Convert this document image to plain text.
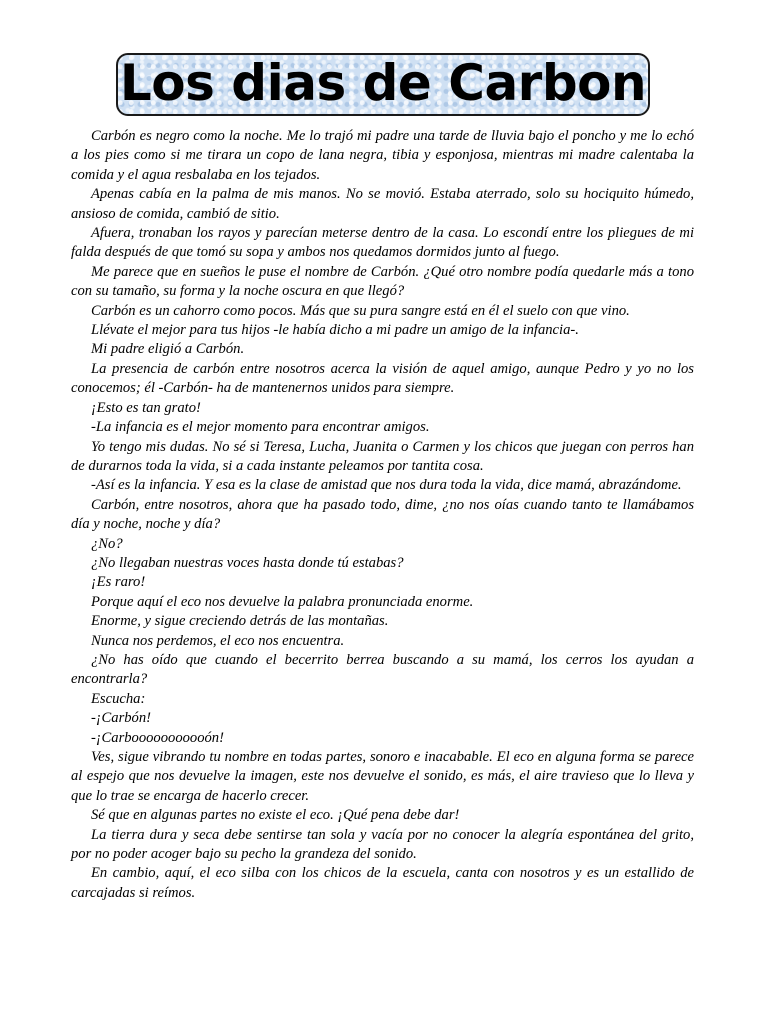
Los dias de Carbon

Carbón es negro como la noche. Me lo trajó mi padre una tarde de lluvia bajo el poncho y me lo echó a los pies como si me tirara un copo de lana negra, tibia y esponjosa, mientras mi madre calentaba la comida y el agua resbalaba en los tejados.

Apenas cabía en la palma de mis manos. No se movió. Estaba aterrado, solo su hociquito húmedo, ansioso de comida, cambió de sitio.

Afuera, tronaban los rayos y parecían meterse dentro de la casa. Lo escondí entre los pliegues de mi falda después de que tomó su sopa y ambos nos quedamos dormidos junto al fuego.

Me parece que en sueños le puse el nombre de Carbón. ¿Qué otro nombre podía quedarle más a tono con su tamaño, su forma y la noche oscura en que llegó?

Carbón es un cahorro como pocos. Más que su pura sangre está en él el suelo con que vino.

Llévate el mejor para tus hijos -le había dicho a mi padre un amigo de la infancia-.

Mi padre eligió a Carbón.

La presencia de carbón entre nosotros acerca la visión de aquel amigo, aunque Pedro y yo no los conocemos; él -Carbón- ha de mantenernos unidos para siempre.

¡Esto es tan grato!

-La infancia es el mejor momento para encontrar amigos.

Yo tengo mis dudas. No sé si Teresa, Lucha, Juanita o Carmen y los chicos que juegan con perros han de durarnos toda la vida, si a cada instante peleamos por tantita cosa.

-Así es la infancia. Y esa es la clase de amistad que nos dura toda la vida, dice mamá, abrazándome.

Carbón, entre nosotros, ahora que ha pasado todo, dime, ¿no nos oías cuando tanto te llamábamos día y noche, noche y día?

¿No?

¿No llegaban nuestras voces hasta donde tú estabas?

¡Es raro!

Porque aquí el eco nos devuelve la palabra pronunciada enorme.

Enorme, y sigue creciendo detrás de las montañas.

Nunca nos perdemos, el eco nos encuentra.

¿No has oído que cuando el becerrito berrea buscando a su mamá, los cerros los ayudan a encontrarla?

Escucha:

-¡Carbón!

-¡Carbooooooooooón!

Ves, sigue vibrando tu nombre en todas partes, sonoro e inacabable. El eco en alguna forma se parece al espejo que nos devuelve la imagen, este nos devuelve el sonido, es más, el aire travieso que lo lleva y que lo trae se encarga de hacerlo crecer.

Sé que en algunas partes no existe el eco. ¡Qué pena debe dar!

La tierra dura y seca debe sentirse tan sola y vacía por no conocer la alegría espontánea del grito, por no poder acoger bajo su pecho la grandeza del sonido.

En cambio, aquí, el eco silba con los chicos de la escuela, canta con nosotros y es un estallido de carcajadas si reímos.
